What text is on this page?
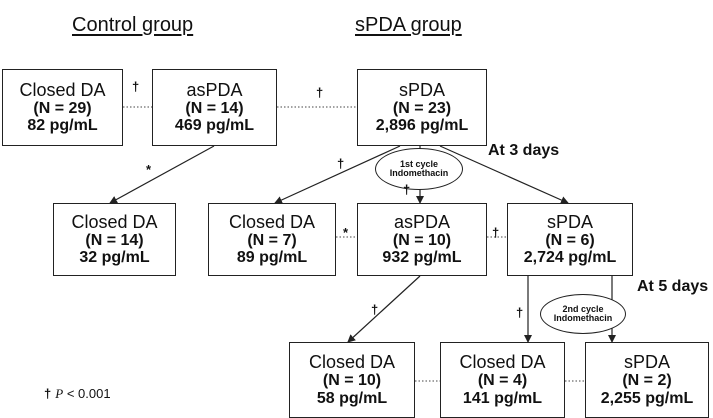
Control group	sPDA group
Closed DA
(N = 29)
82 pg/mL
asPDA
(N = 14)
469 pg/mL
sPDA
(N = 23)
2,896 pg/mL
Closed DA
(N = 14)
32 pg/mL
Closed DA
(N = 7)
89 pg/mL
asPDA
(N = 10)
932 pg/mL
sPDA
(N = 6)
2,724 pg/mL
Closed DA
(N = 10)
58 pg/mL
Closed DA
(N = 4)
141 pg/mL
sPDA
(N = 2)
2,255 pg/mL
1st cycle
Indomethacin
2nd cycle
Indomethacin
At 3 days
At 5 days
†	†
*	†
†
*	†
†	†
† P < 0.001
